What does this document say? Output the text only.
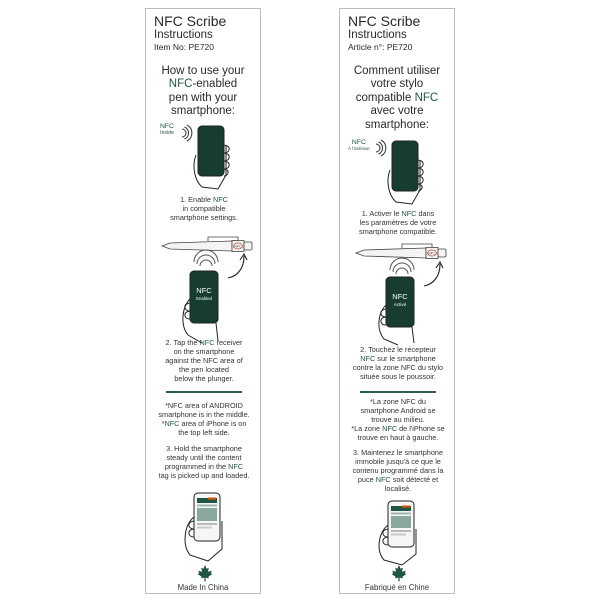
NFC Scribe
Instructions
Item No: PE720
How to use your
NFC-enabled
pen with your
smartphone:
NFC
Inside
1. Enable NFC
in compatible
smartphone settings.
NFC
NFC
Enabled
2. Tap the NFC receiver
on the smartphone
against the NFC area of
the pen located
below the plunger.
*NFC area of ANDROID
smartphone is in the middle.
*NFC area of iPhone is on
the top left side.
3. Hold the smartphone
steady until the content
programmed in the NFC
tag is picked up and loaded.
Made In China
NFC Scribe
Instructions
Article n°: PE720
Comment utiliser
votre stylo
compatible NFC
avec votre
smartphone:
NFC
À l'intérieur
1. Activer le NFC dans
les paramètres de votre
smartphone compatible.
NFC
NFC
Activé
2. Touchez le récepteur
NFC sur le smartphone
contre la zone NFC du stylo
située sous le poussoir.
*La zone NFC du
smartphone Android se
trouve au milieu.
*La zone NFC de l'iPhone se
trouve en haut à gauche.
3. Maintenez le smartphone
immobile jusqu'à ce que le
contenu programmé dans la
puce NFC soit détecté et
localisé.
Fabriqué en Chine
